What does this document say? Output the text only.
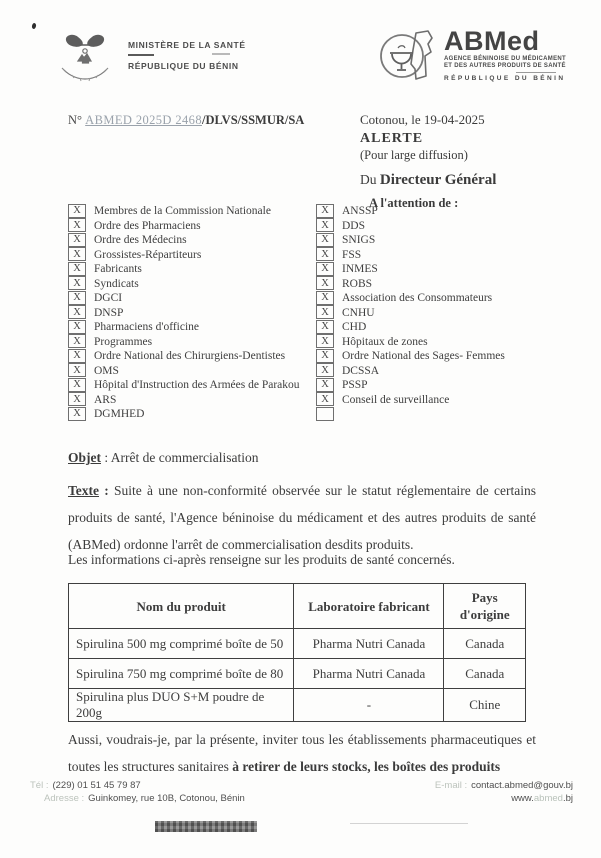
MINISTÈRE DE LA SANTÉ
RÉPUBLIQUE DU BÉNIN
ABMed
AGENCE BÉNINOISE DU MÉDICAMENT
ET DES AUTRES PRODUITS DE SANTÉ
RÉPUBLIQUE DU BÉNIN
N° ABMED 2025D 2468/DLVS/SSMUR/SA	Cotonou, le 19-04-2025
ALERTE
(Pour large diffusion)
Du Directeur Général
A l'attention de :
X	Membres de la Commission Nationale
X	Ordre des Pharmaciens
X	Ordre des Médecins
X	Grossistes-Répartiteurs
X	Fabricants
X	Syndicats
X	DGCI
X	DNSP
X	Pharmaciens d'officine
X	Programmes
X	Ordre National des Chirurgiens-Dentistes
X	OMS
X	Hôpital d'Instruction des Armées de Parakou
X	ARS
X	DGMHED
X	ANSSP
X	DDS
X	SNIGS
X	FSS
X	INMES
X	ROBS
X	Association des Consommateurs
X	CNHU
X	CHD
X	Hôpitaux de zones
X	Ordre National des Sages- Femmes
X	DCSSA
X	PSSP
X	Conseil de surveillance
Objet : Arrêt de commercialisation
Texte : Suite à une non-conformité observée sur le statut réglementaire de certains produits de santé, l'Agence béninoise du médicament et des autres produits de santé (ABMed) ordonne l'arrêt de commercialisation desdits produits.
Les informations ci-après renseigne sur les produits de santé concernés.
Nom du produit	Laboratoire fabricant	Pays d'origine
Spirulina 500 mg comprimé boîte de 50	Pharma Nutri Canada	Canada
Spirulina 750 mg comprimé boîte de 80	Pharma Nutri Canada	Canada
Spirulina plus DUO S+M poudre de 200g	-	Chine
Aussi, voudrais-je, par la présente, inviter tous les établissements pharmaceutiques et toutes les structures sanitaires à retirer de leurs stocks, les boîtes des produits
Tél : (229) 01 51 45 79 87
Adresse : Guinkomey, rue 10B, Cotonou, Bénin
E-mail : contact.abmed@gouv.bj
www.abmed.bj
